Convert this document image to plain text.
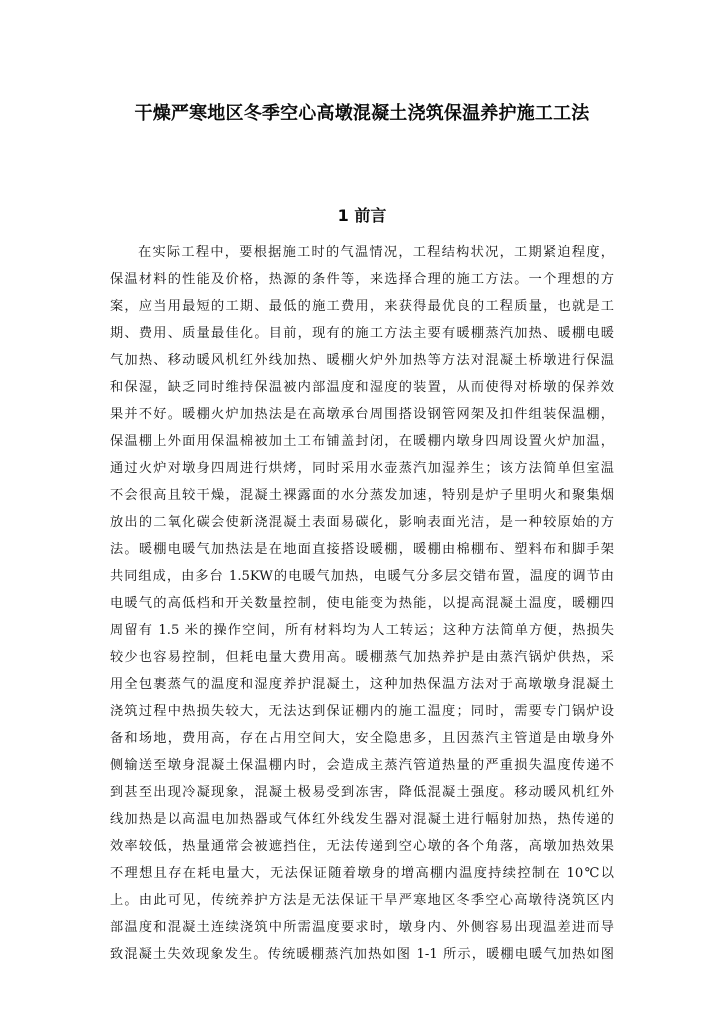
干燥严寒地区冬季空心高墩混凝土浇筑保温养护施工工法
1 前言
在实际工程中，要根据施工时的气温情况，工程结构状况，工期紧迫程度，
保温材料的性能及价格，热源的条件等，来选择合理的施工方法。一个理想的方
案，应当用最短的工期、最低的施工费用，来获得最优良的工程质量，也就是工
期、费用、质量最佳化。目前，现有的施工方法主要有暖棚蒸汽加热、暖棚电暖
气加热、移动暖风机红外线加热、暖棚火炉外加热等方法对混凝土桥墩进行保温
和保湿，缺乏同时维持保温被内部温度和湿度的装置，从而使得对桥墩的保养效
果并不好。暖棚火炉加热法是在高墩承台周围搭设钢管网架及扣件组装保温棚，
保温棚上外面用保温棉被加土工布铺盖封闭，在暖棚内墩身四周设置火炉加温，
通过火炉对墩身四周进行烘烤，同时采用水壶蒸汽加湿养生；该方法简单但室温
不会很高且较干燥，混凝土裸露面的水分蒸发加速，特别是炉子里明火和聚集烟
放出的二氧化碳会使新浇混凝土表面易碳化，影响表面光洁，是一种较原始的方
法。暖棚电暖气加热法是在地面直接搭设暖棚，暖棚由棉棚布、塑料布和脚手架
共同组成，由多台 1.5KW的电暖气加热，电暖气分多层交错布置，温度的调节由
电暖气的高低档和开关数量控制，使电能变为热能，以提高混凝土温度，暖棚四
周留有 1.5 米的操作空间，所有材料均为人工转运；这种方法简单方便，热损失
较少也容易控制，但耗电量大费用高。暖棚蒸气加热养护是由蒸汽锅炉供热，采
用全包裹蒸气的温度和湿度养护混凝土，这种加热保温方法对于高墩墩身混凝土
浇筑过程中热损失较大，无法达到保证棚内的施工温度；同时，需要专门锅炉设
备和场地，费用高，存在占用空间大，安全隐患多，且因蒸汽主管道是由墩身外
侧输送至墩身混凝土保温棚内时，会造成主蒸汽管道热量的严重损失温度传递不
到甚至出现冷凝现象，混凝土极易受到冻害，降低混凝土强度。移动暖风机红外
线加热是以高温电加热器或气体红外线发生器对混凝土进行幅射加热，热传递的
效率较低，热量通常会被遮挡住，无法传递到空心墩的各个角落，高墩加热效果
不理想且存在耗电量大，无法保证随着墩身的增高棚内温度持续控制在 10℃以
上。由此可见，传统养护方法是无法保证干旱严寒地区冬季空心高墩待浇筑区内
部温度和混凝土连续浇筑中所需温度要求时，墩身内、外侧容易出现温差进而导
致混凝土失效现象发生。传统暖棚蒸汽加热如图 1-1 所示，暖棚电暖气加热如图
